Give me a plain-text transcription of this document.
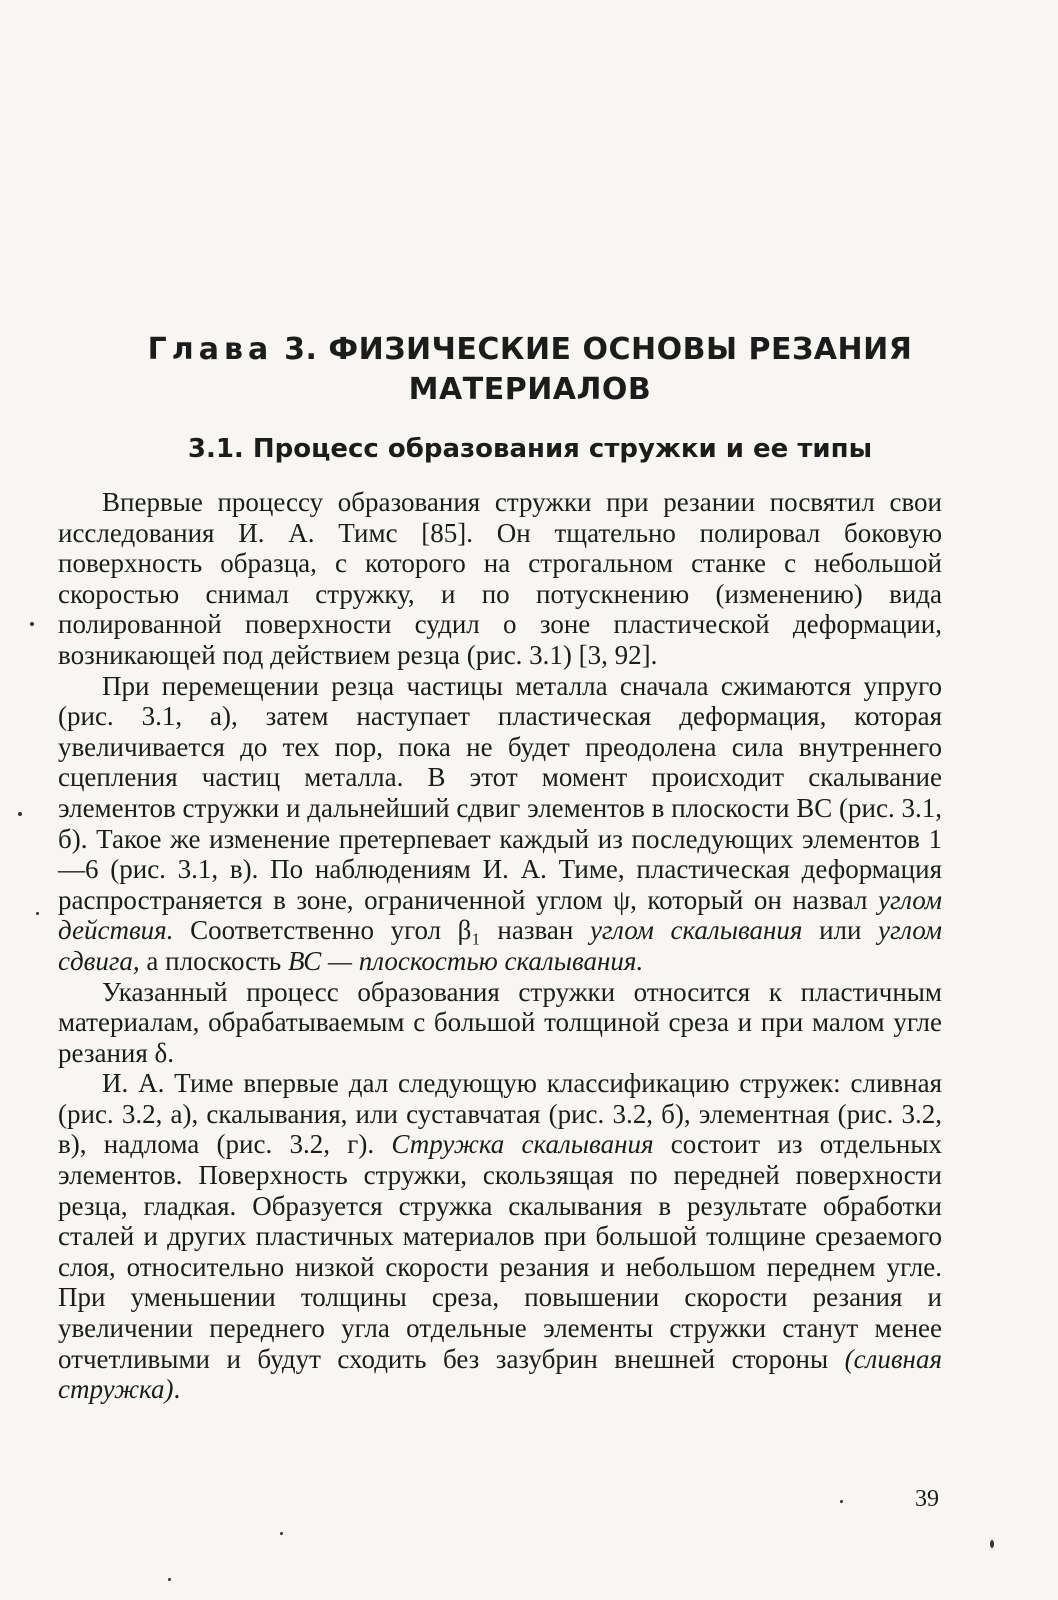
Глава 3. ФИЗИЧЕСКИЕ ОСНОВЫ РЕЗАНИЯ
МАТЕРИАЛОВ
3.1. Процесс образования стружки и ее типы

Впервые процессу образования стружки при резании посвятил свои исследования И. А. Тимс [85]. Он тщательно полировал боковую поверхность образца, с которого на строгальном станке с небольшой скоростью снимал стружку, и по потускнению (изменению) вида полированной поверхности судил о зоне пластической деформации, возникающей под действием резца (рис. 3.1) [3, 92].

При перемещении резца частицы металла сначала сжимаются упруго (рис. 3.1, а), затем наступает пластическая деформация, которая увеличивается до тех пор, пока не будет преодолена сила внутреннего сцепления частиц металла. В этот момент происходит скалывание элементов стружки и дальнейший сдвиг элементов в плоскости ВС (рис. 3.1, б). Такое же изменение претерпевает каждый из последующих элементов 1—6 (рис. 3.1, в). По наблюдениям И. А. Тиме, пластическая деформация распространяется в зоне, ограниченной углом ψ, который он назвал углом действия. Соответственно угол β₁ назван углом скалывания или углом сдвига, а плоскость ВС — плоскостью скалывания.

Указанный процесс образования стружки относится к пластичным материалам, обрабатываемым с большой толщиной среза и при малом угле резания δ.

И. А. Тиме впервые дал следующую классификацию стружек: сливная (рис. 3.2, а), скалывания, или суставчатая (рис. 3.2, б), элементная (рис. 3.2, в), надлома (рис. 3.2, г). Стружка скалывания состоит из отдельных элементов. Поверхность стружки, скользящая по передней поверхности резца, гладкая. Образуется стружка скалывания в результате обработки сталей и других пластичных материалов при большой толщине срезаемого слоя, относительно низкой скорости резания и небольшом переднем угле. При уменьшении толщины среза, повышении скорости резания и увеличении переднего угла отдельные элементы стружки станут менее отчетливыми и будут сходить без зазубрин внешней стороны (сливная стружка).

39
